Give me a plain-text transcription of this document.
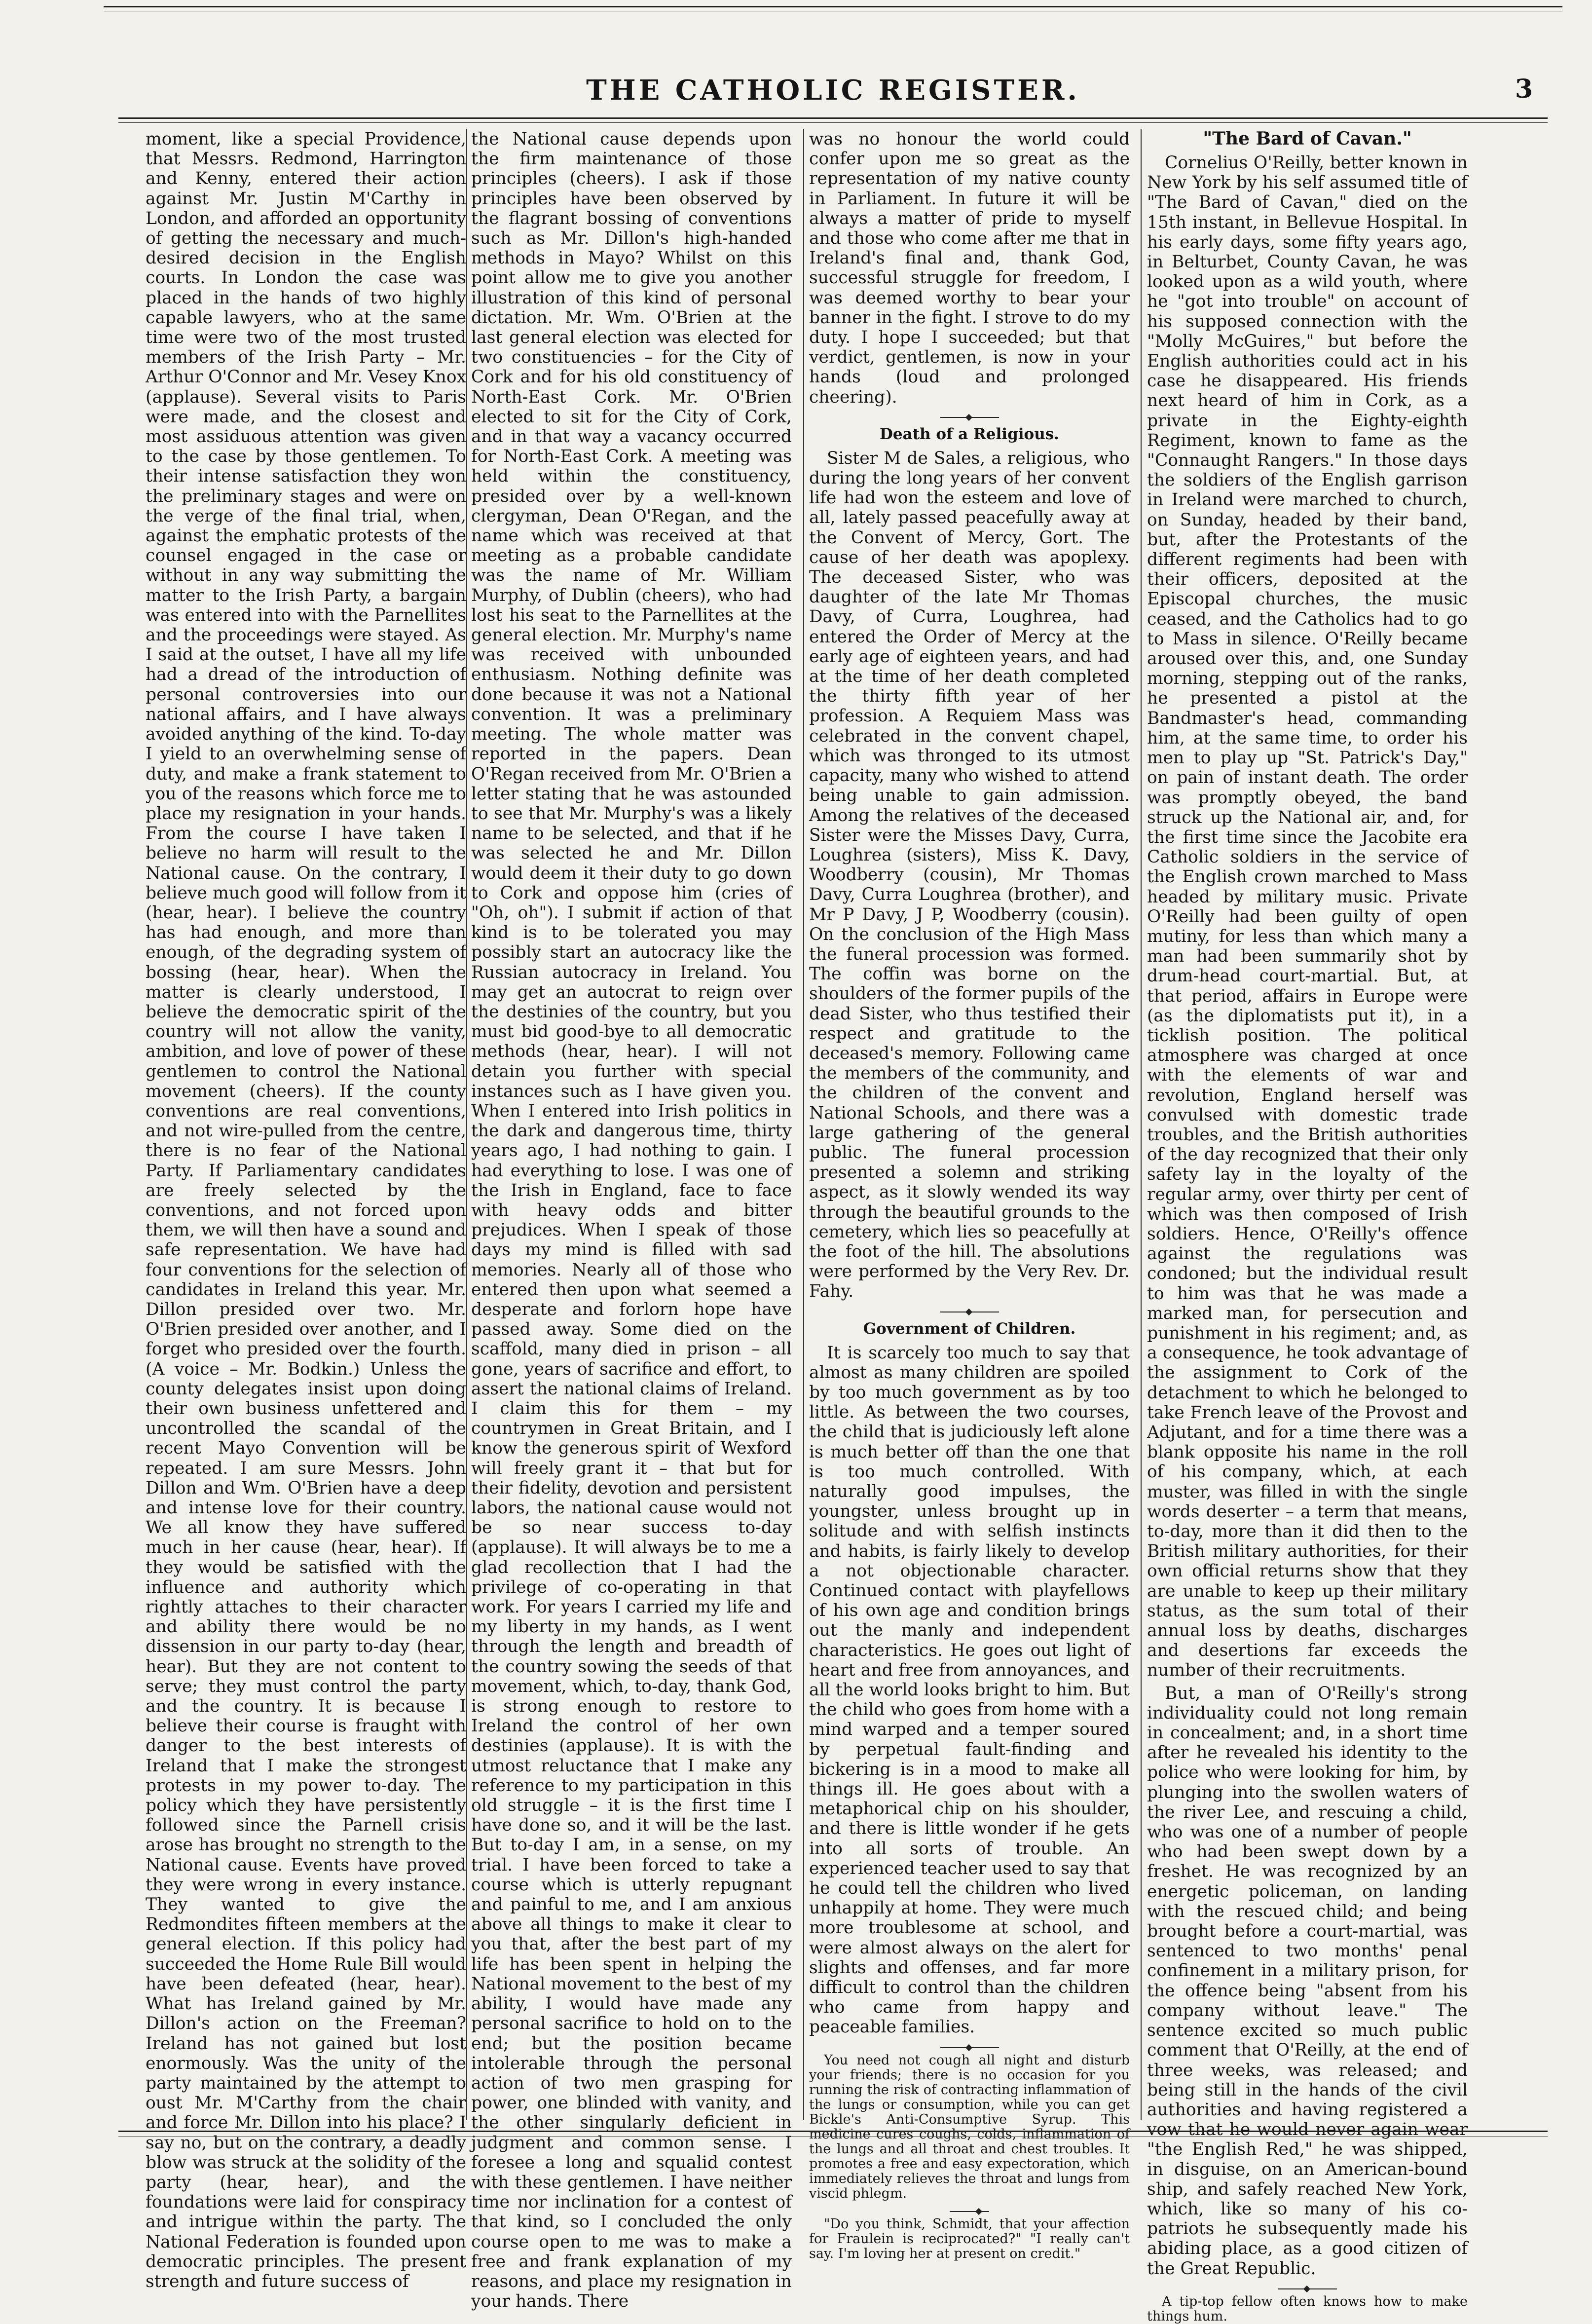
THE CATHOLIC REGISTER.	3

moment, like a special Providence, that Messrs. Redmond, Harrington and Kenny, entered their action against Mr. Justin M'Carthy in London, and afforded an opportunity of getting the necessary and much-desired decision in the English courts. In London the case was placed in the hands of two highly capable lawyers, who at the same time were two of the most trusted members of the Irish Party – Mr. Arthur O'Connor and Mr. Vesey Knox (applause). Several visits to Paris were made, and the closest and most assiduous attention was given to the case by those gentlemen. To their intense satisfaction they won the preliminary stages and were on the verge of the final trial, when, against the emphatic protests of the counsel engaged in the case or without in any way submitting the matter to the Irish Party, a bargain was entered into with the Parnellites and the proceedings were stayed. As I said at the outset, I have all my life had a dread of the introduction of personal controversies into our national affairs, and I have always avoided anything of the kind. To-day I yield to an overwhelming sense of duty, and make a frank statement to you of the reasons which force me to place my resignation in your hands. From the course I have taken I believe no harm will result to the National cause. On the contrary, I believe much good will follow from it (hear, hear). I believe the country has had enough, and more than enough, of the degrading system of bossing (hear, hear). When the matter is clearly understood, I believe the democratic spirit of the country will not allow the vanity, ambition, and love of power of these gentlemen to control the National movement (cheers). If the county conventions are real conventions, and not wire-pulled from the centre, there is no fear of the National Party. If Parliamentary candidates are freely selected by the conventions, and not forced upon them, we will then have a sound and safe representation. We have had four conventions for the selection of candidates in Ireland this year. Mr. Dillon presided over two. Mr. O'Brien presided over another, and I forget who presided over the fourth. (A voice – Mr. Bodkin.) Unless the county delegates insist upon doing their own business unfettered and uncontrolled the scandal of the recent Mayo Convention will be repeated. I am sure Messrs. John Dillon and Wm. O'Brien have a deep and intense love for their country. We all know they have suffered much in her cause (hear, hear). If they would be satisfied with the influence and authority which rightly attaches to their character and ability there would be no dissension in our party to-day (hear, hear). But they are not content to serve; they must control the party and the country. It is because I believe their course is fraught with danger to the best interests of Ireland that I make the strongest protests in my power to-day. The policy which they have persistently followed since the Parnell crisis arose has brought no strength to the National cause. Events have proved they were wrong in every instance. They wanted to give the Redmondites fifteen members at the general election. If this policy had succeeded the Home Rule Bill would have been defeated (hear, hear). What has Ireland gained by Mr. Dillon's action on the Freeman? Ireland has not gained but lost enormously. Was the unity of the party maintained by the attempt to oust Mr. M'Carthy from the chair and force Mr. Dillon into his place? I say no, but on the contrary, a deadly blow was struck at the solidity of the party (hear, hear), and the foundations were laid for conspiracy and intrigue within the party. The National Federation is founded upon democratic principles. The present strength and future success of

the National cause depends upon the firm maintenance of those principles (cheers). I ask if those principles have been observed by the flagrant bossing of conventions such as Mr. Dillon's high-handed methods in Mayo? Whilst on this point allow me to give you another illustration of this kind of personal dictation. Mr. Wm. O'Brien at the last general election was elected for two constituencies – for the City of Cork and for his old constituency of North-East Cork. Mr. O'Brien elected to sit for the City of Cork, and in that way a vacancy occurred for North-East Cork. A meeting was held within the constituency, presided over by a well-known clergyman, Dean O'Regan, and the name which was received at that meeting as a probable candidate was the name of Mr. William Murphy, of Dublin (cheers), who had lost his seat to the Parnellites at the general election. Mr. Murphy's name was received with unbounded enthusiasm. Nothing definite was done because it was not a National convention. It was a preliminary meeting. The whole matter was reported in the papers. Dean O'Regan received from Mr. O'Brien a letter stating that he was astounded to see that Mr. Murphy's was a likely name to be selected, and that if he was selected he and Mr. Dillon would deem it their duty to go down to Cork and oppose him (cries of "Oh, oh"). I submit if action of that kind is to be tolerated you may possibly start an autocracy like the Russian autocracy in Ireland. You may get an autocrat to reign over the destinies of the country, but you must bid good-bye to all democratic methods (hear, hear). I will not detain you further with special instances such as I have given you. When I entered into Irish politics in the dark and dangerous time, thirty years ago, I had nothing to gain. I had everything to lose. I was one of the Irish in England, face to face with heavy odds and bitter prejudices. When I speak of those days my mind is filled with sad memories. Nearly all of those who entered then upon what seemed a desperate and forlorn hope have passed away. Some died on the scaffold, many died in prison – all gone, years of sacrifice and effort, to assert the national claims of Ireland. I claim this for them – my countrymen in Great Britain, and I know the generous spirit of Wexford will freely grant it – that but for their fidelity, devotion and persistent labors, the national cause would not be so near success to-day (applause). It will always be to me a glad recollection that I had the privilege of co-operating in that work. For years I carried my life and my liberty in my hands, as I went through the length and breadth of the country sowing the seeds of that movement, which, to-day, thank God, is strong enough to restore to Ireland the control of her own destinies (applause). It is with the utmost reluctance that I make any reference to my participation in this old struggle – it is the first time I have done so, and it will be the last. But to-day I am, in a sense, on my trial. I have been forced to take a course which is utterly repugnant and painful to me, and I am anxious above all things to make it clear to you that, after the best part of my life has been spent in helping the National movement to the best of my ability, I would have made any personal sacrifice to hold on to the end; but the position became intolerable through the personal action of two men grasping for power, one blinded with vanity, and the other singularly deficient in judgment and common sense. I foresee a long and squalid contest with these gentlemen. I have neither time nor inclination for a contest of that kind, so I concluded the only course open to me was to make a free and frank explanation of my reasons, and place my resignation in your hands. There

was no honour the world could confer upon me so great as the representation of my native county in Parliament. In future it will be always a matter of pride to myself and those who come after me that in Ireland's final and, thank God, successful struggle for freedom, I was deemed worthy to bear your banner in the fight. I strove to do my duty. I hope I succeeded; but that verdict, gentlemen, is now in your hands (loud and prolonged cheering).

Death of a Religious.

Sister M de Sales, a religious, who during the long years of her convent life had won the esteem and love of all, lately passed peacefully away at the Convent of Mercy, Gort. The cause of her death was apoplexy. The deceased Sister, who was daughter of the late Mr Thomas Davy, of Curra, Loughrea, had entered the Order of Mercy at the early age of eighteen years, and had at the time of her death completed the thirty fifth year of her profession. A Requiem Mass was celebrated in the convent chapel, which was thronged to its utmost capacity, many who wished to attend being unable to gain admission. Among the relatives of the deceased Sister were the Misses Davy, Curra, Loughrea (sisters), Miss K. Davy, Woodberry (cousin), Mr Thomas Davy, Curra Loughrea (brother), and Mr P Davy, J P, Woodberry (cousin). On the conclusion of the High Mass the funeral procession was formed. The coffin was borne on the shoulders of the former pupils of the dead Sister, who thus testified their respect and gratitude to the deceased's memory. Following came the members of the community, and the children of the convent and National Schools, and there was a large gathering of the general public. The funeral procession presented a solemn and striking aspect, as it slowly wended its way through the beautiful grounds to the cemetery, which lies so peacefully at the foot of the hill. The absolutions were performed by the Very Rev. Dr. Fahy.

Government of Children.

It is scarcely too much to say that almost as many children are spoiled by too much government as by too little. As between the two courses, the child that is judiciously left alone is much better off than the one that is too much controlled. With naturally good impulses, the youngster, unless brought up in solitude and with selfish instincts and habits, is fairly likely to develop a not objectionable character. Continued contact with playfellows of his own age and condition brings out the manly and independent characteristics. He goes out light of heart and free from annoyances, and all the world looks bright to him. But the child who goes from home with a mind warped and a temper soured by perpetual fault-finding and bickering is in a mood to make all things ill. He goes about with a metaphorical chip on his shoulder, and there is little wonder if he gets into all sorts of trouble. An experienced teacher used to say that he could tell the children who lived unhappily at home. They were much more troublesome at school, and were almost always on the alert for slights and offenses, and far more difficult to control than the children who came from happy and peaceable families.

You need not cough all night and disturb your friends; there is no occasion for you running the risk of contracting inflammation of the lungs or consumption, while you can get Bickle's Anti-Consumptive Syrup. This medicine cures coughs, colds, inflammation of the lungs and all throat and chest troubles. It promotes a free and easy expectoration, which immediately relieves the throat and lungs from viscid phlegm.

"Do you think, Schmidt, that your affection for Fraulein is reciprocated?" "I really can't say. I'm loving her at present on credit."

"The Bard of Cavan."

Cornelius O'Reilly, better known in New York by his self assumed title of "The Bard of Cavan," died on the 15th instant, in Bellevue Hospital. In his early days, some fifty years ago, in Belturbet, County Cavan, he was looked upon as a wild youth, where he "got into trouble" on account of his supposed connection with the "Molly McGuires," but before the English authorities could act in his case he disappeared. His friends next heard of him in Cork, as a private in the Eighty-eighth Regiment, known to fame as the "Connaught Rangers." In those days the soldiers of the English garrison in Ireland were marched to church, on Sunday, headed by their band, but, after the Protestants of the different regiments had been with their officers, deposited at the Episcopal churches, the music ceased, and the Catholics had to go to Mass in silence. O'Reilly became aroused over this, and, one Sunday morning, stepping out of the ranks, he presented a pistol at the Bandmaster's head, commanding him, at the same time, to order his men to play up "St. Patrick's Day," on pain of instant death. The order was promptly obeyed, the band struck up the National air, and, for the first time since the Jacobite era Catholic soldiers in the service of the English crown marched to Mass headed by military music. Private O'Reilly had been guilty of open mutiny, for less than which many a man had been summarily shot by drum-head court-martial. But, at that period, affairs in Europe were (as the diplomatists put it), in a ticklish position. The political atmosphere was charged at once with the elements of war and revolution, England herself was convulsed with domestic trade troubles, and the British authorities of the day recognized that their only safety lay in the loyalty of the regular army, over thirty per cent of which was then composed of Irish soldiers. Hence, O'Reilly's offence against the regulations was condoned; but the individual result to him was that he was made a marked man, for persecution and punishment in his regiment; and, as a consequence, he took advantage of the assignment to Cork of the detachment to which he belonged to take French leave of the Provost and Adjutant, and for a time there was a blank opposite his name in the roll of his company, which, at each muster, was filled in with the single words deserter – a term that means, to-day, more than it did then to the British military authorities, for their own official returns show that they are unable to keep up their military status, as the sum total of their annual loss by deaths, discharges and desertions far exceeds the number of their recruitments.

But, a man of O'Reilly's strong individuality could not long remain in concealment; and, in a short time after he revealed his identity to the police who were looking for him, by plunging into the swollen waters of the river Lee, and rescuing a child, who was one of a number of people who had been swept down by a freshet. He was recognized by an energetic policeman, on landing with the rescued child; and being brought before a court-martial, was sentenced to two months' penal confinement in a military prison, for the offence being "absent from his company without leave." The sentence excited so much public comment that O'Reilly, at the end of three weeks, was released; and being still in the hands of the civil authorities and having registered a vow that he would never again wear "the English Red," he was shipped, in disguise, on an American-bound ship, and safely reached New York, which, like so many of his co-patriots he subsequently made his abiding place, as a good citizen of the Great Republic.

A tip-top fellow often knows how to make things hum.
